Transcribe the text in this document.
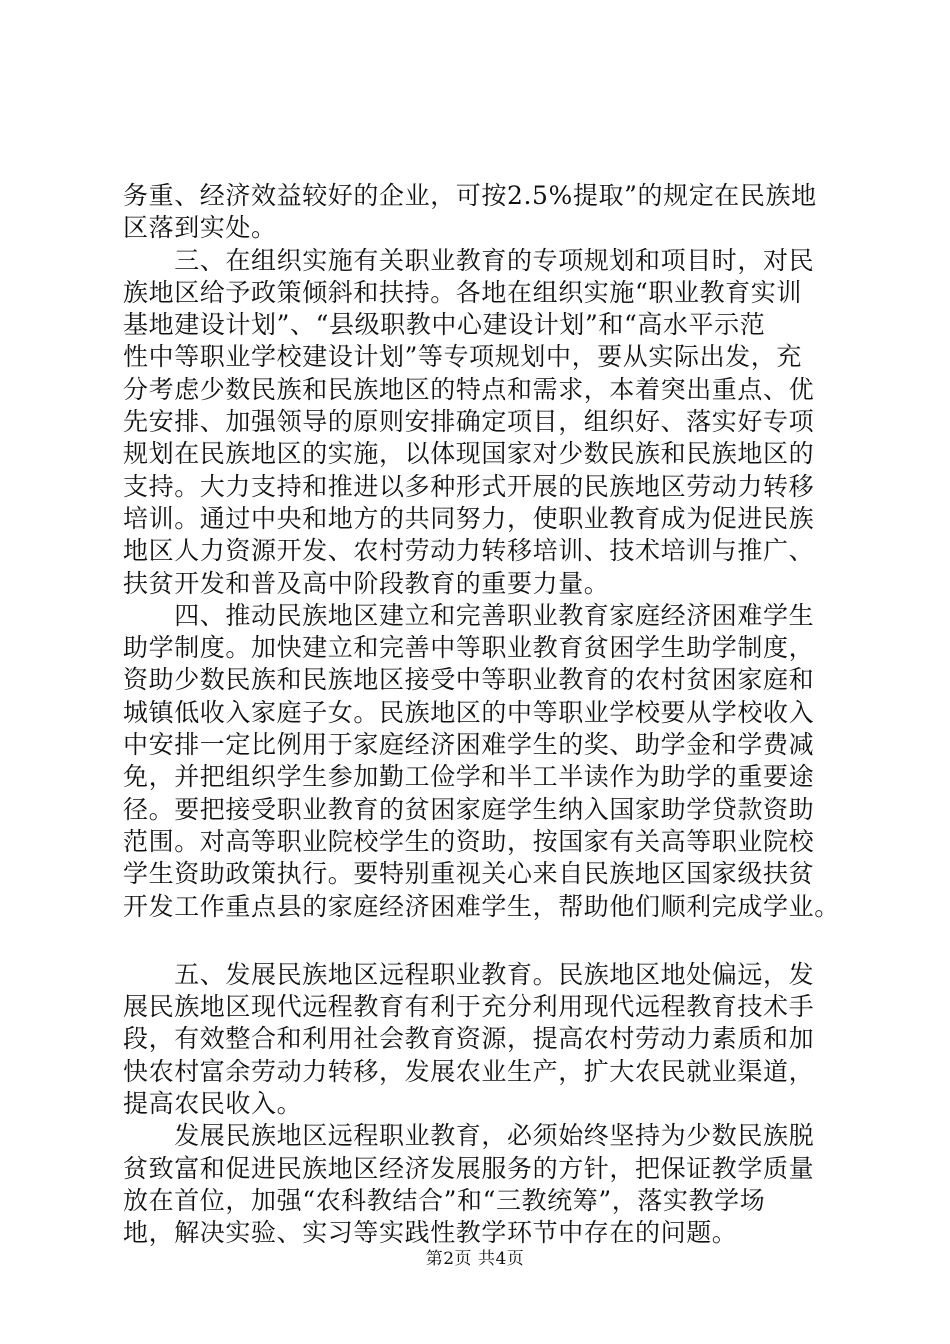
务重、经济效益较好的企业，可按2.5%提取”的规定在民族地
区落到实处。
　　三、在组织实施有关职业教育的专项规划和项目时，对民
族地区给予政策倾斜和扶持。各地在组织实施“职业教育实训
基地建设计划”、“县级职教中心建设计划”和“高水平示范
性中等职业学校建设计划”等专项规划中，要从实际出发，充
分考虑少数民族和民族地区的特点和需求，本着突出重点、优
先安排、加强领导的原则安排确定项目，组织好、落实好专项
规划在民族地区的实施，以体现国家对少数民族和民族地区的
支持。大力支持和推进以多种形式开展的民族地区劳动力转移
培训。通过中央和地方的共同努力，使职业教育成为促进民族
地区人力资源开发、农村劳动力转移培训、技术培训与推广、
扶贫开发和普及高中阶段教育的重要力量。
　　四、推动民族地区建立和完善职业教育家庭经济困难学生
助学制度。加快建立和完善中等职业教育贫困学生助学制度，
资助少数民族和民族地区接受中等职业教育的农村贫困家庭和
城镇低收入家庭子女。民族地区的中等职业学校要从学校收入
中安排一定比例用于家庭经济困难学生的奖、助学金和学费减
免，并把组织学生参加勤工俭学和半工半读作为助学的重要途
径。要把接受职业教育的贫困家庭学生纳入国家助学贷款资助
范围。对高等职业院校学生的资助，按国家有关高等职业院校
学生资助政策执行。要特别重视关心来自民族地区国家级扶贫
开发工作重点县的家庭经济困难学生，帮助他们顺利完成学业。
　　五、发展民族地区远程职业教育。民族地区地处偏远，发
展民族地区现代远程教育有利于充分利用现代远程教育技术手
段，有效整合和利用社会教育资源，提高农村劳动力素质和加
快农村富余劳动力转移，发展农业生产，扩大农民就业渠道，
提高农民收入。
　　发展民族地区远程职业教育，必须始终坚持为少数民族脱
贫致富和促进民族地区经济发展服务的方针，把保证教学质量
放在首位，加强“农科教结合”和“三教统筹”，落实教学场
地，解决实验、实习等实践性教学环节中存在的问题。
第2页 共4页
